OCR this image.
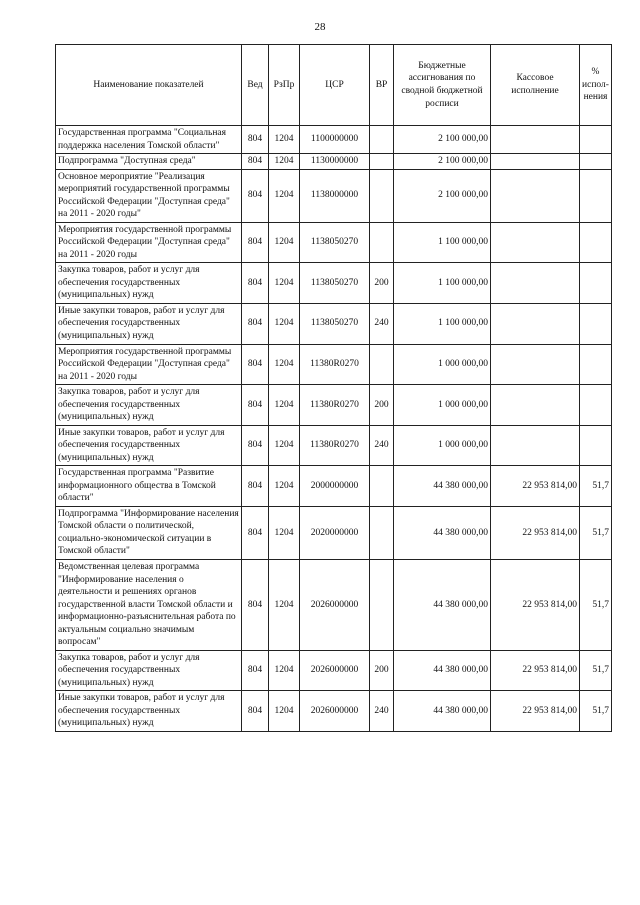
28
Наименование показателей	Вед	РзПр	ЦСР	ВР	Бюджетные ассигнования по сводной бюджетной росписи	Кассовое исполнение	% испол-нения
Государственная программа "Социальная поддержка населения Томской области"	804	1204	1100000000		2 100 000,00		
Подпрограмма "Доступная среда"	804	1204	1130000000		2 100 000,00		
Основное мероприятие "Реализация мероприятий государственной программы Российской Федерации "Доступная среда" на 2011 - 2020 годы"	804	1204	1138000000		2 100 000,00		
Мероприятия государственной программы Российской Федерации "Доступная среда" на 2011 - 2020 годы	804	1204	1138050270		1 100 000,00		
Закупка товаров, работ и услуг для обеспечения государственных (муниципальных) нужд	804	1204	1138050270	200	1 100 000,00		
Иные закупки товаров, работ и услуг для обеспечения государственных (муниципальных) нужд	804	1204	1138050270	240	1 100 000,00		
Мероприятия государственной программы Российской Федерации "Доступная среда" на 2011 - 2020 годы	804	1204	11380R0270		1 000 000,00		
Закупка товаров, работ и услуг для обеспечения государственных (муниципальных) нужд	804	1204	11380R0270	200	1 000 000,00		
Иные закупки товаров, работ и услуг для обеспечения государственных (муниципальных) нужд	804	1204	11380R0270	240	1 000 000,00		
Государственная программа "Развитие информационного общества в Томской области"	804	1204	2000000000		44 380 000,00	22 953 814,00	51,7
Подпрограмма "Информирование населения Томской области о политической, социально-экономической ситуации в Томской области"	804	1204	2020000000		44 380 000,00	22 953 814,00	51,7
Ведомственная целевая программа "Информирование населения о деятельности и решениях органов государственной власти Томской области и информационно-разъяснительная работа по актуальным социально значимым вопросам"	804	1204	2026000000		44 380 000,00	22 953 814,00	51,7
Закупка товаров, работ и услуг для обеспечения государственных (муниципальных) нужд	804	1204	2026000000	200	44 380 000,00	22 953 814,00	51,7
Иные закупки товаров, работ и услуг для обеспечения государственных (муниципальных) нужд	804	1204	2026000000	240	44 380 000,00	22 953 814,00	51,7
